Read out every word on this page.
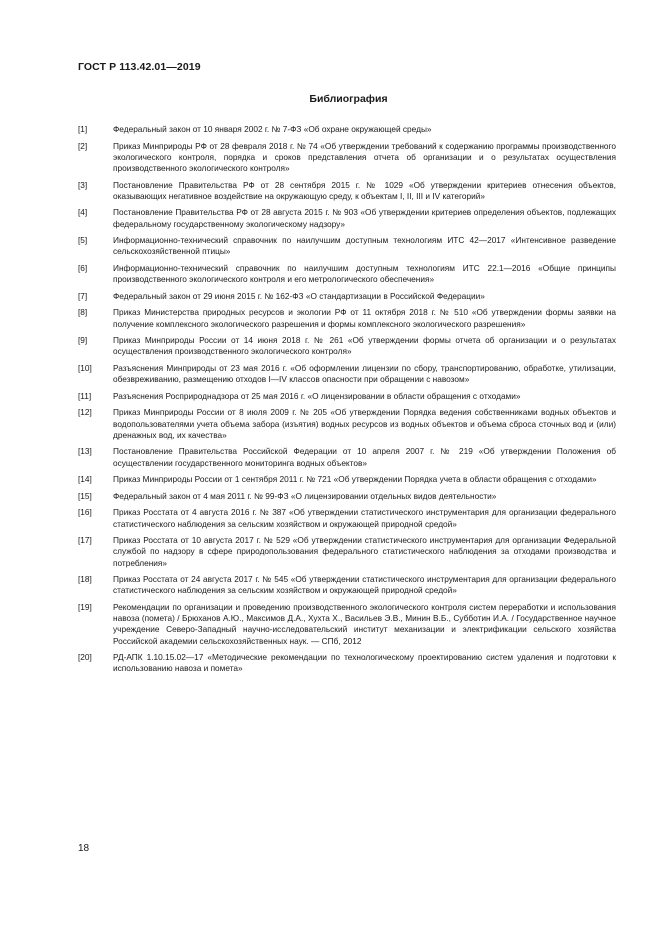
ГОСТ Р 113.42.01—2019
Библиография
[1]	Федеральный закон от 10 января 2002 г. № 7-ФЗ «Об охране окружающей среды»
[2]	Приказ Минприроды РФ от 28 февраля 2018 г. № 74 «Об утверждении требований к содержанию программы производственного экологического контроля, порядка и сроков представления отчета об организации и о результатах осуществления производственного экологического контроля»
[3]	Постановление Правительства РФ от 28 сентября 2015 г. № 1029 «Об утверждении критериев отнесения объектов, оказывающих негативное воздействие на окружающую среду, к объектам I, II, III и IV категорий»
[4]	Постановление Правительства РФ от 28 августа 2015 г. № 903 «Об утверждении критериев определения объектов, подлежащих федеральному государственному экологическому надзору»
[5]	Информационно-технический справочник по наилучшим доступным технологиям ИТС 42—2017 «Интенсивное разведение сельскохозяйственной птицы»
[6]	Информационно-технический справочник по наилучшим доступным технологиям ИТС 22.1—2016 «Общие принципы производственного экологического контроля и его метрологического обеспечения»
[7]	Федеральный закон от 29 июня 2015 г. № 162-ФЗ «О стандартизации в Российской Федерации»
[8]	Приказ Министерства природных ресурсов и экологии РФ от 11 октября 2018 г. № 510 «Об утверждении формы заявки на получение комплексного экологического разрешения и формы комплексного экологического разрешения»
[9]	Приказ Минприроды России от 14 июня 2018 г. № 261 «Об утверждении формы отчета об организации и о результатах осуществления производственного экологического контроля»
[10]	Разъяснения Минприроды от 23 мая 2016 г. «Об оформлении лицензии по сбору, транспортированию, обработке, утилизации, обезвреживанию, размещению отходов I—IV классов опасности при обращении с навозом»
[11]	Разъяснения Росприроднадзора от 25 мая 2016 г. «О лицензировании в области обращения с отходами»
[12]	Приказ Минприроды России от 8 июля 2009 г. № 205 «Об утверждении Порядка ведения собственниками водных объектов и водопользователями учета объема забора (изъятия) водных ресурсов из водных объектов и объема сброса сточных вод и (или) дренажных вод, их качества»
[13]	Постановление Правительства Российской Федерации от 10 апреля 2007 г. № 219 «Об утверждении Положения об осуществлении государственного мониторинга водных объектов»
[14]	Приказ Минприроды России от 1 сентября 2011 г. № 721 «Об утверждении Порядка учета в области обращения с отходами»
[15]	Федеральный закон от 4 мая 2011 г. № 99-ФЗ «О лицензировании отдельных видов деятельности»
[16]	Приказ Росстата от 4 августа 2016 г. № 387 «Об утверждении статистического инструментария для организации федерального статистического наблюдения за сельским хозяйством и окружающей природной средой»
[17]	Приказ Росстата от 10 августа 2017 г. № 529 «Об утверждении статистического инструментария для организации Федеральной службой по надзору в сфере природопользования федерального статистического наблюдения за отходами производства и потребления»
[18]	Приказ Росстата от 24 августа 2017 г. № 545 «Об утверждении статистического инструментария для организации федерального статистического наблюдения за сельским хозяйством и окружающей природной средой»
[19]	Рекомендации по организации и проведению производственного экологического контроля систем переработки и использования навоза (помета) / Брюханов А.Ю., Максимов Д.А., Хухта Х., Васильев Э.В., Минин В.Б., Субботин И.А. / Государственное научное учреждение Северо-Западный научно-исследовательский институт механизации и электрификации сельского хозяйства Российской академии сельскохозяйственных наук. — СПб, 2012
[20]	РД-АПК 1.10.15.02—17 «Методические рекомендации по технологическому проектированию систем удаления и подготовки к использованию навоза и помета»
18
